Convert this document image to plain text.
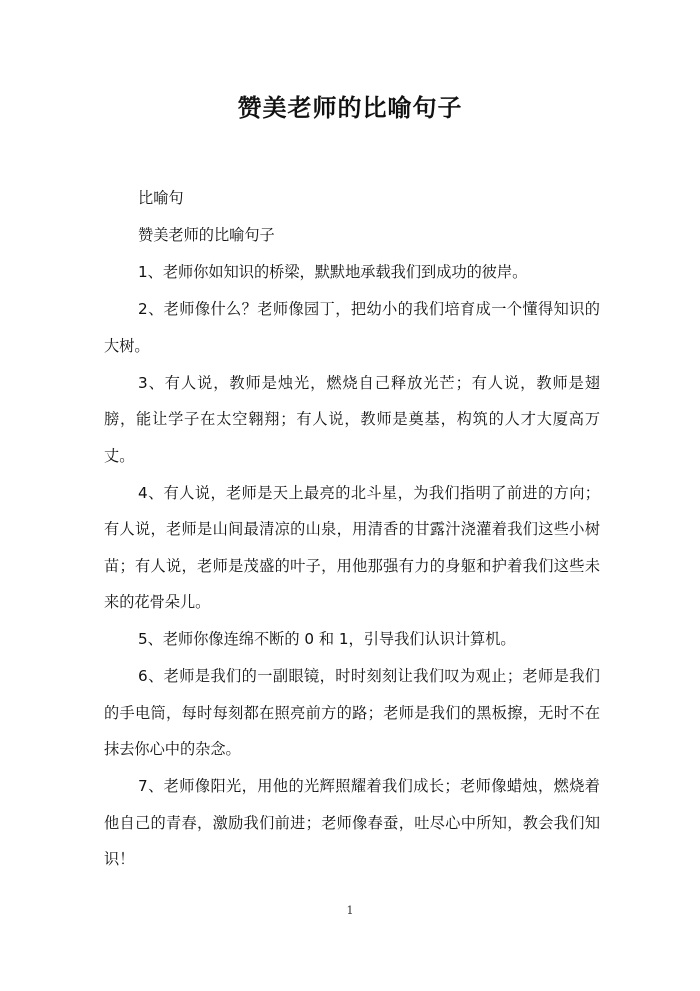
赞美老师的比喻句子

比喻句

赞美老师的比喻句子

1、老师你如知识的桥梁，默默地承载我们到成功的彼岸。

2、老师像什么？老师像园丁，把幼小的我们培育成一个懂得知识的大树。

3、有人说，教师是烛光，燃烧自己释放光芒；有人说，教师是翅膀，能让学子在太空翱翔；有人说，教师是奠基，构筑的人才大厦高万丈。

4、有人说，老师是天上最亮的北斗星，为我们指明了前进的方向；有人说，老师是山间最清凉的山泉，用清香的甘露汁浇灌着我们这些小树苗；有人说，老师是茂盛的叶子，用他那强有力的身躯和护着我们这些未来的花骨朵儿。

5、老师你像连绵不断的 0 和 1，引导我们认识计算机。

6、老师是我们的一副眼镜，时时刻刻让我们叹为观止；老师是我们的手电筒，每时每刻都在照亮前方的路；老师是我们的黑板擦，无时不在抹去你心中的杂念。

7、老师像阳光，用他的光辉照耀着我们成长；老师像蜡烛，燃烧着他自己的青春，激励我们前进；老师像春蚕，吐尽心中所知，教会我们知识！

1
